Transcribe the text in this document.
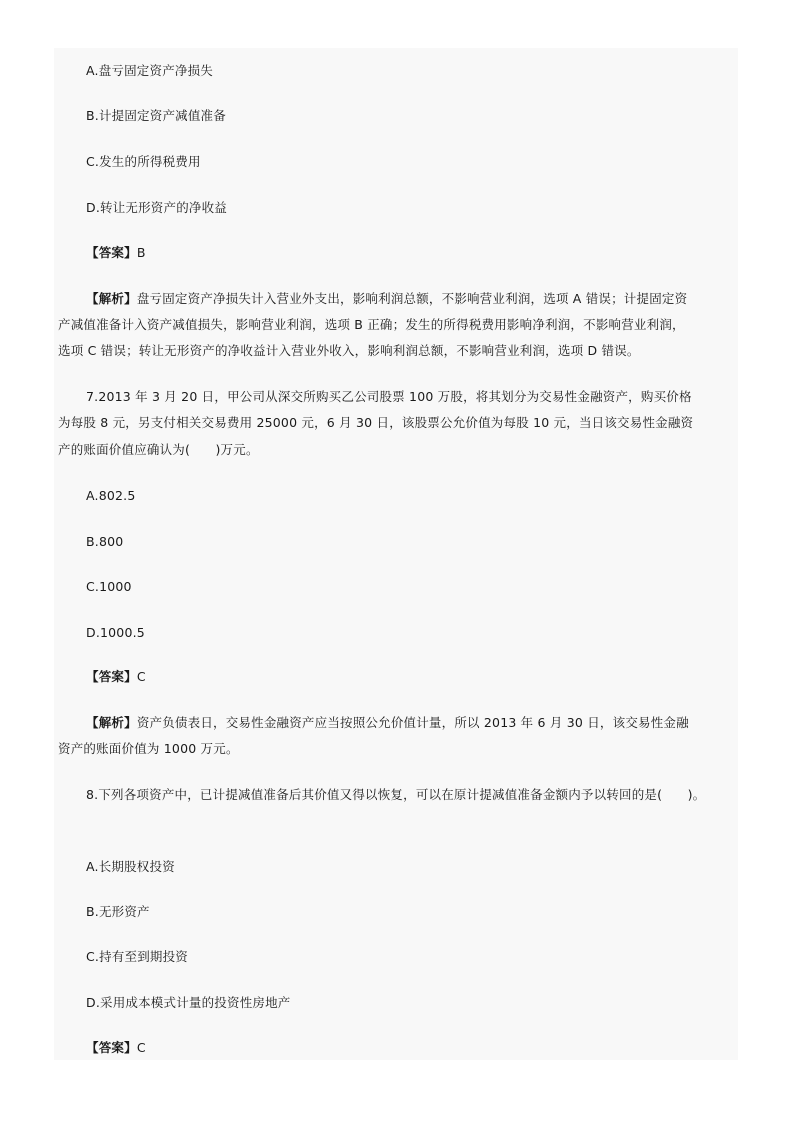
A.盘亏固定资产净损失
B.计提固定资产减值准备
C.发生的所得税费用
D.转让无形资产的净收益
【答案】B
【解析】盘亏固定资产净损失计入营业外支出，影响利润总额，不影响营业利润，选项 A 错误；计提固定资
产减值准备计入资产减值损失，影响营业利润，选项 B 正确；发生的所得税费用影响净利润，不影响营业利润，
选项 C 错误；转让无形资产的净收益计入营业外收入，影响利润总额，不影响营业利润，选项 D 错误。
7.2013 年 3 月 20 日，甲公司从深交所购买乙公司股票 100 万股，将其划分为交易性金融资产，购买价格
为每股 8 元，另支付相关交易费用 25000 元，6 月 30 日，该股票公允价值为每股 10 元，当日该交易性金融资
产的账面价值应确认为(　　)万元。
A.802.5
B.800
C.1000
D.1000.5
【答案】C
【解析】资产负债表日，交易性金融资产应当按照公允价值计量，所以 2013 年 6 月 30 日，该交易性金融
资产的账面价值为 1000 万元。
8.下列各项资产中，已计提减值准备后其价值又得以恢复，可以在原计提减值准备金额内予以转回的是(　　)。
A.长期股权投资
B.无形资产
C.持有至到期投资
D.采用成本模式计量的投资性房地产
【答案】C
